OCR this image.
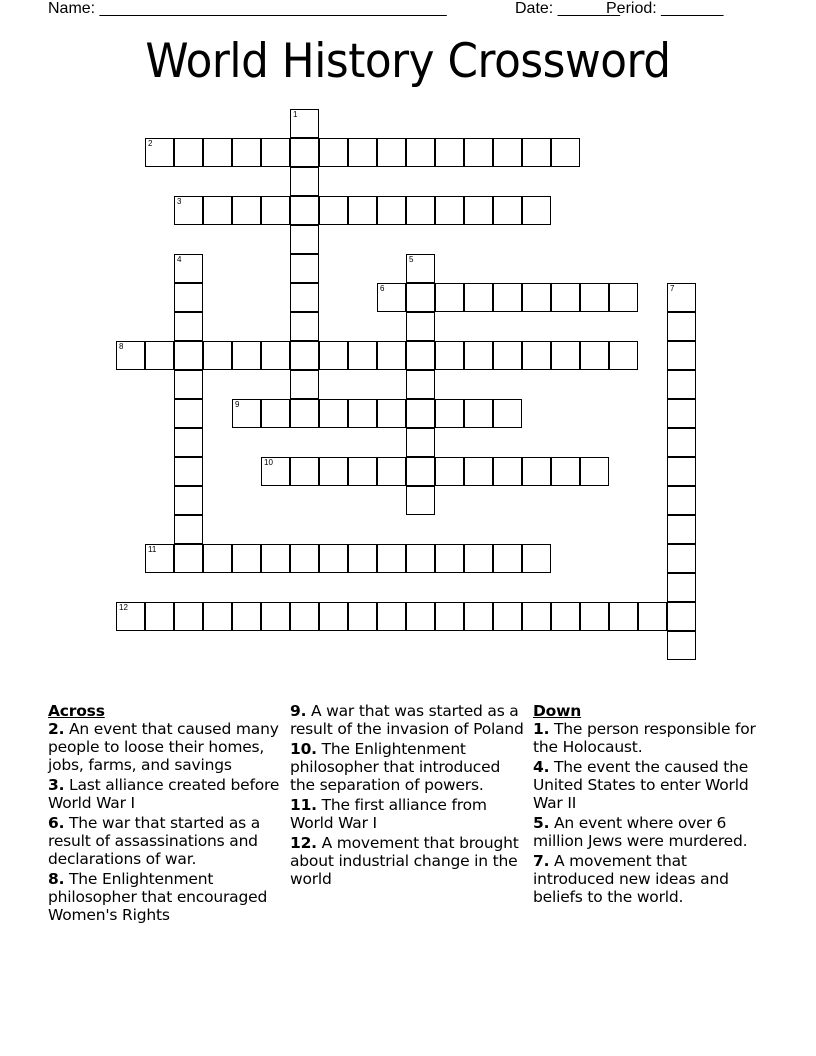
Name: _______________________________________

	Date: _______

Period: _______

World History Crossword
1
2
3
4	5
6	7
8
9
10
11
12
Across
2. An event that caused many people to loose their homes, jobs, farms, and savings
3. Last alliance created before World War I
6. The war that started as a result of assassinations and declarations of war.
8. The Enlightenment philosopher that encouraged Women's Rights
9. A war that was started as a result of the invasion of Poland
10. The Enlightenment philosopher that introduced the separation of powers.
11. The first alliance from World War I
12. A movement that brought about industrial change in the world
Down
1. The person responsible for the Holocaust.
4. The event the caused the United States to enter World War II
5. An event where over 6 million Jews were murdered.
7. A movement that introduced new ideas and beliefs to the world.
